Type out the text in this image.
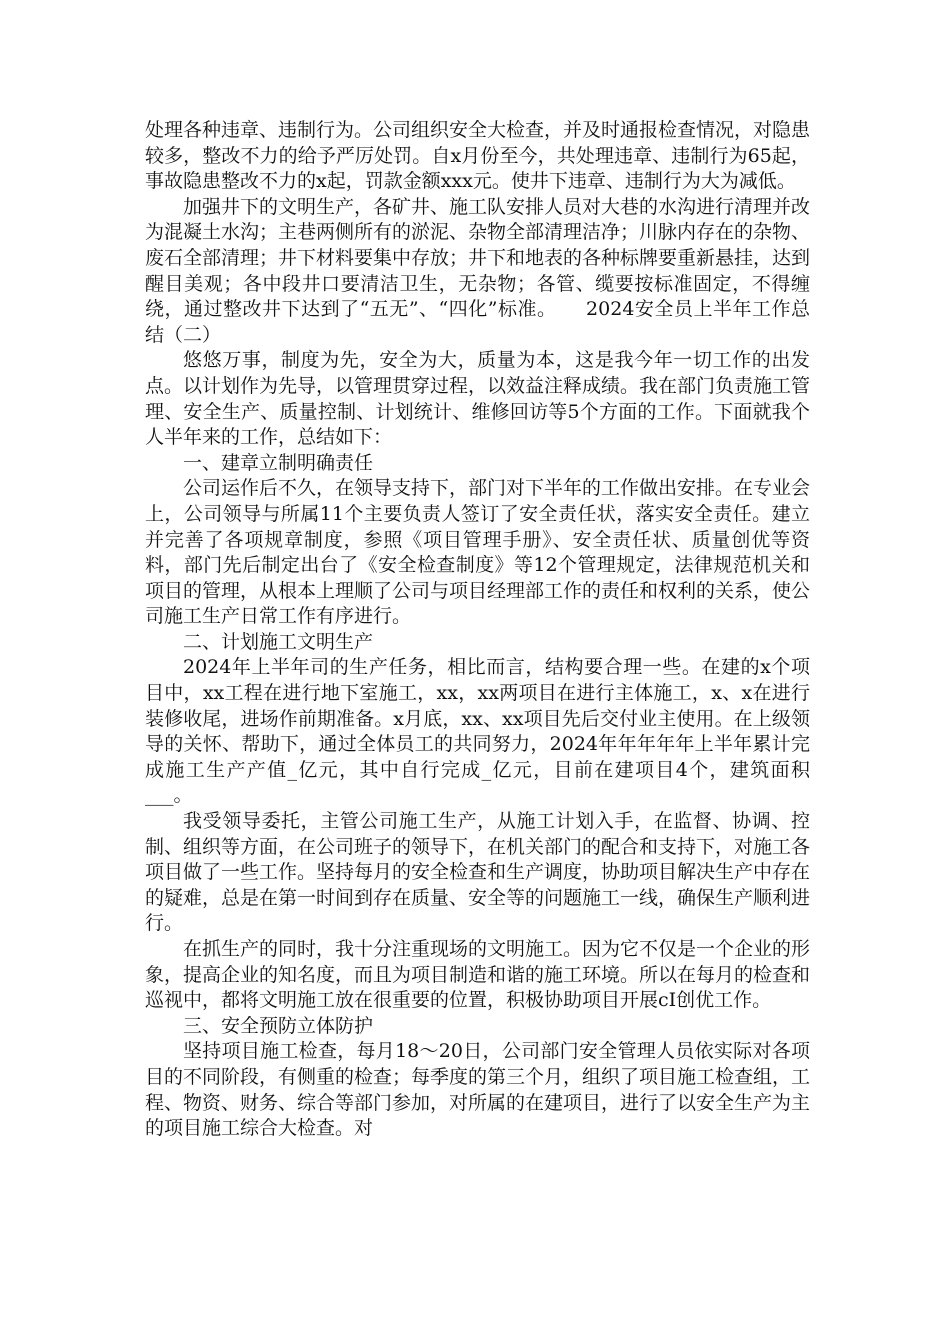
处理各种违章、违制行为。公司组织安全大检查，并及时通报检查情况，对隐患较多，整改不力的给予严厉处罚。自x月份至今，共处理违章、违制行为65起，事故隐患整改不力的x起，罚款金额xxx元。使井下违章、违制行为大为减低。

加强井下的文明生产，各矿井、施工队安排人员对大巷的水沟进行清理并改为混凝土水沟；主巷两侧所有的淤泥、杂物全部清理洁净；川脉内存在的杂物、废石全部清理；井下材料要集中存放；井下和地表的各种标牌要重新悬挂，达到醒目美观；各中段井口要清洁卫生，无杂物；各管、缆要按标准固定，不得缠绕，通过整改井下达到了“五无”、“四化”标准。　　2024安全员上半年工作总结（二）

悠悠万事，制度为先，安全为大，质量为本，这是我今年一切工作的出发点。以计划作为先导，以管理贯穿过程，以效益注释成绩。我在部门负责施工管理、安全生产、质量控制、计划统计、维修回访等5个方面的工作。下面就我个人半年来的工作，总结如下：

一、建章立制明确责任

公司运作后不久，在领导支持下，部门对下半年的工作做出安排。在专业会上，公司领导与所属11个主要负责人签订了安全责任状，落实安全责任。建立并完善了各项规章制度，参照《项目管理手册》、安全责任状、质量创优等资料，部门先后制定出台了《安全检查制度》等12个管理规定，法律规范机关和项目的管理，从根本上理顺了公司与项目经理部工作的责任和权利的关系，使公司施工生产日常工作有序进行。

二、计划施工文明生产

2024年上半年司的生产任务，相比而言，结构要合理一些。在建的x个项目中，xx工程在进行地下室施工，xx，xx两项目在进行主体施工，x、x在进行装修收尾，进场作前期准备。x月底，xx、xx项目先后交付业主使用。在上级领导的关怀、帮助下，通过全体员工的共同努力，2024年年年年年上半年累计完成施工生产产值_亿元，其中自行完成_亿元，目前在建项目4个，建筑面积___。

我受领导委托，主管公司施工生产，从施工计划入手，在监督、协调、控制、组织等方面，在公司班子的领导下，在机关部门的配合和支持下，对施工各项目做了一些工作。坚持每月的安全检查和生产调度，协助项目解决生产中存在的疑难，总是在第一时间到存在质量、安全等的问题施工一线，确保生产顺利进行。

在抓生产的同时，我十分注重现场的文明施工。因为它不仅是一个企业的形象，提高企业的知名度，而且为项目制造和谐的施工环境。所以在每月的检查和巡视中，都将文明施工放在很重要的位置，积极协助项目开展cI创优工作。

三、安全预防立体防护

坚持项目施工检查，每月18～20日，公司部门安全管理人员依实际对各项目的不同阶段，有侧重的检查；每季度的第三个月，组织了项目施工检查组，工程、物资、财务、综合等部门参加，对所属的在建项目，进行了以安全生产为主的项目施工综合大检查。对
